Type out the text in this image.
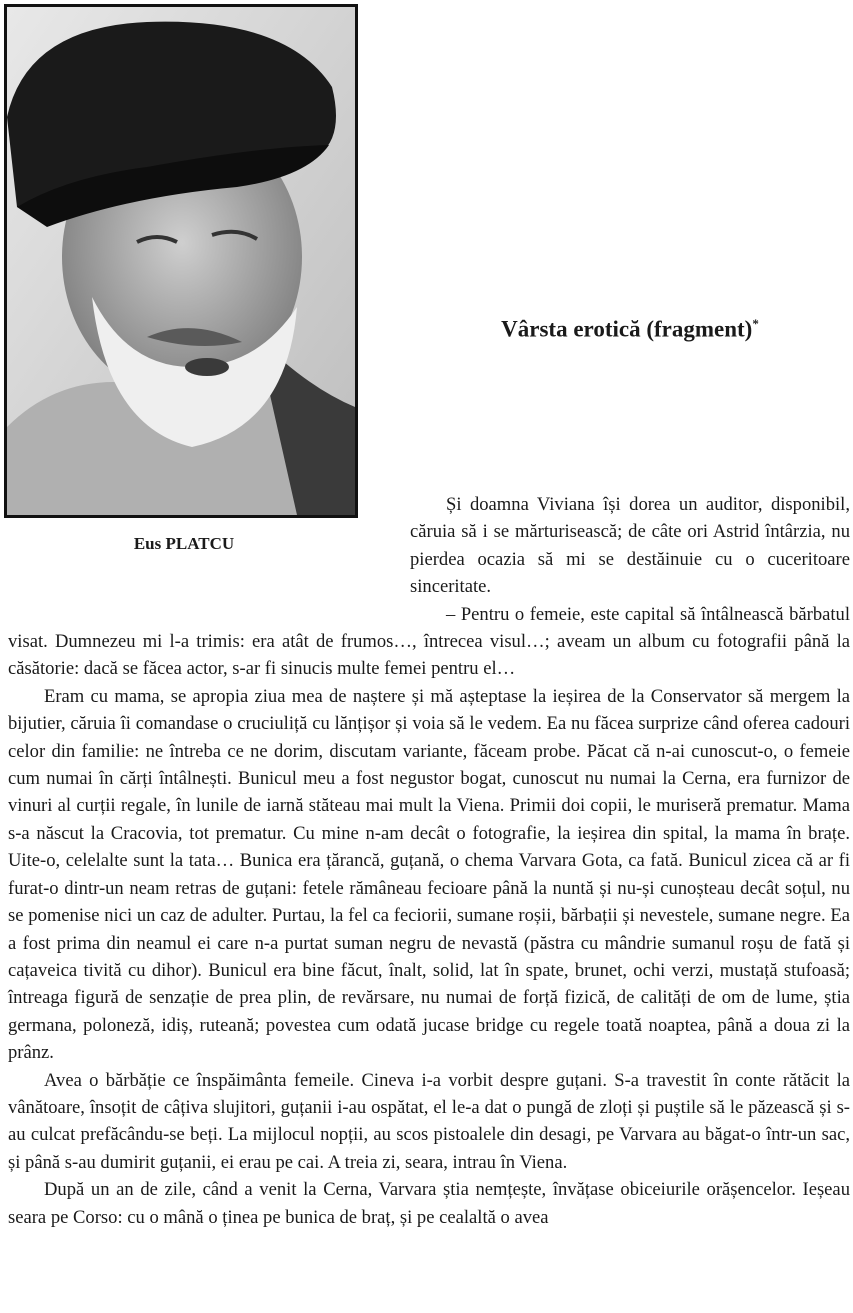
Eus PLATCU
Vârsta erotică (fragment)*

Și doamna Viviana își dorea un auditor, disponibil, căruia să i se mărturisească; de câte ori Astrid întârzia, nu pierdea ocazia să mi se destăinuie cu o cuceritoare sinceritate.

– Pentru o femeie, este capital să întâlnească bărbatul visat. Dumnezeu mi l-a trimis: era atât de frumos…, întrecea visul…; aveam un album cu fotografii până la căsătorie: dacă se făcea actor, s-ar fi sinucis multe femei pentru el…

Eram cu mama, se apropia ziua mea de naștere și mă așteptase la ieșirea de la Conservator să mergem la bijutier, căruia îi comandase o cruciuliță cu lănțișor și voia să le vedem. Ea nu făcea surprize când oferea cadouri celor din familie: ne întreba ce ne dorim, discutam variante, făceam probe. Păcat că n-ai cunoscut-o, o femeie cum numai în cărți întâlnești. Bunicul meu a fost negustor bogat, cunoscut nu numai la Cerna, era furnizor de vinuri al curții regale, în lunile de iarnă stăteau mai mult la Viena. Primii doi copii, le muriseră prematur. Mama s-a născut la Cracovia, tot prematur. Cu mine n-am decât o fotografie, la ieșirea din spital, la mama în brațe. Uite-o, celelalte sunt la tata… Bunica era țărancă, guțană, o chema Varvara Gota, ca fată. Bunicul zicea că ar fi furat-o dintr-un neam retras de guțani: fetele rămâneau fecioare până la nuntă și nu-și cunoșteau decât soțul, nu se pomenise nici un caz de adulter. Purtau, la fel ca feciorii, sumane roșii, bărbații și nevestele, sumane negre. Ea a fost prima din neamul ei care n-a purtat suman negru de nevastă (păstra cu mândrie sumanul roșu de fată și cațaveica tivită cu dihor). Bunicul era bine făcut, înalt, solid, lat în spate, brunet, ochi verzi, mustață stufoasă; întreaga figură de senzație de prea plin, de revărsare, nu numai de forță fizică, de calități de om de lume, știa germana, poloneză, idiș, ruteană; povestea cum odată jucase bridge cu regele toată noaptea, până a doua zi la prânz.

Avea o bărbăție ce înspăimânta femeile. Cineva i-a vorbit despre guțani. S-a travestit în conte rătăcit la vânătoare, însoțit de câțiva slujitori, guțanii i-au ospătat, el le-a dat o pungă de zloți și puștile să le păzească și s-au culcat prefăcându-se beți. La mijlocul nopții, au scos pistoalele din desagi, pe Varvara au băgat-o într-un sac, și până s-au dumirit guțanii, ei erau pe cai. A treia zi, seara, intrau în Viena.

După un an de zile, când a venit la Cerna, Varvara știa nemțește, învățase obiceiurile orășencelor. Ieșeau seara pe Corso: cu o mână o ținea pe bunica de braț, și pe cealaltă o avea
